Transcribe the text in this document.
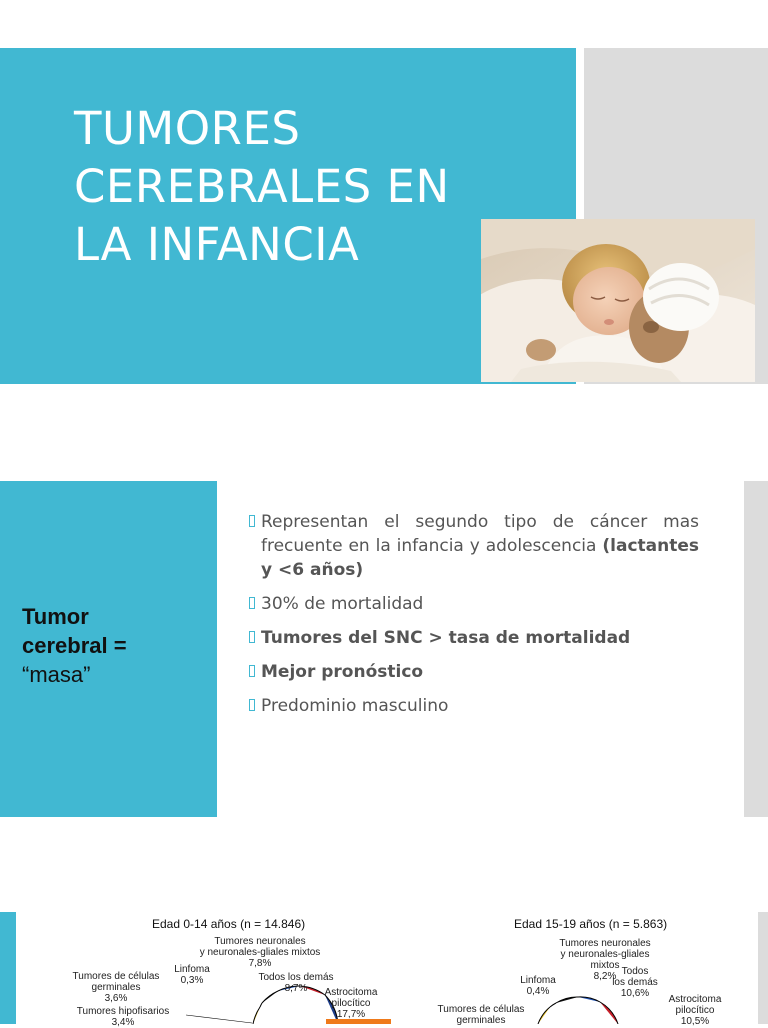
TUMORES
CEREBRALES EN
LA INFANCIA
Tumor
cerebral =
“masa”
Representan el segundo tipo de cáncer mas frecuente en la infancia y adolescencia (lactantes y <6 años)
30% de mortalidad
Tumores del SNC > tasa de mortalidad
Mejor pronóstico
Predominio masculino
Edad 0-14 años (n = 14.846)
Tumores neuronales
y neuronales-gliales mixtos
7,8%
Todos los demás
8,7%	Astrocitoma
pilocítico
17,7%
Linfoma
0,3%
Tumores de células
germinales
3,6%
Tumores hipofisarios
3,4%
Edad 15-19 años (n = 5.863)
Tumores neuronales
y neuronales-gliales
mixtos
8,2% Todos
los demás
10,6%
Astrocitoma
pilocítico
10,5%
Linfoma
0,4%
Tumores de células
germinales
